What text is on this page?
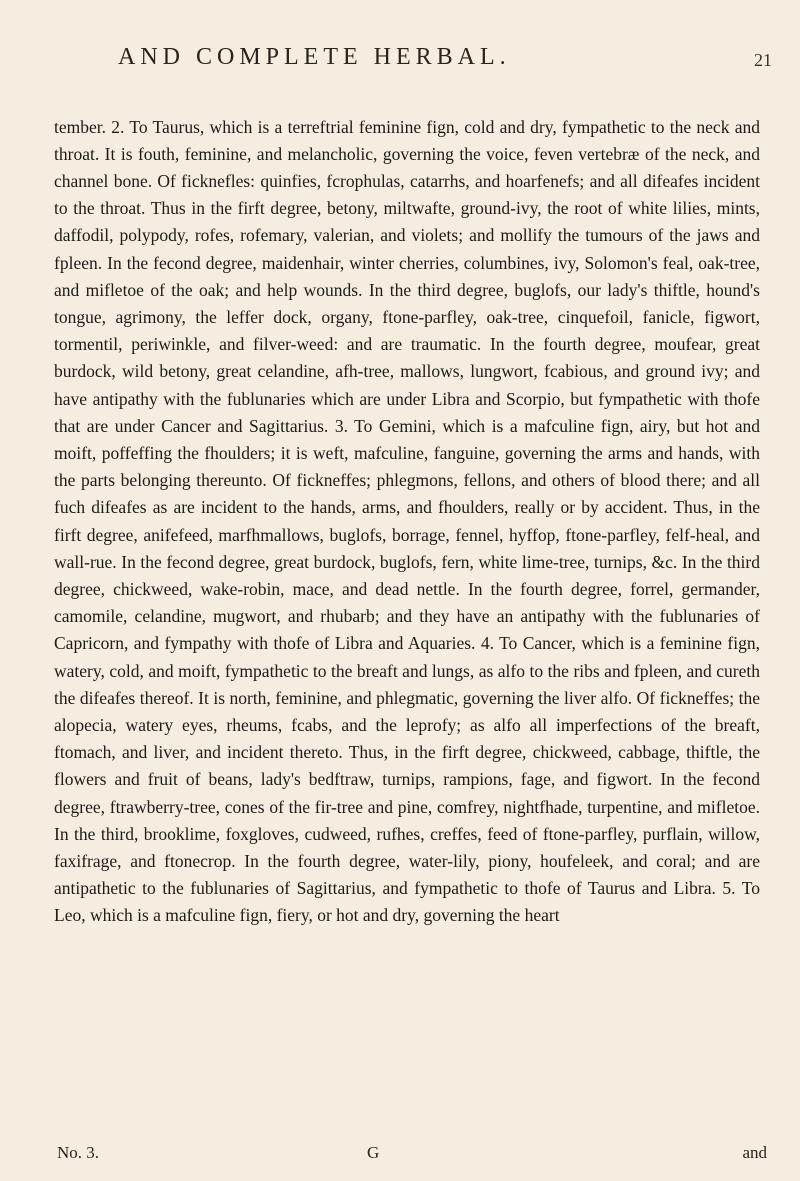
AND COMPLETE HERBAL.	21

tember. 2. To Taurus, which is a terreftrial feminine fign, cold and dry, fympathetic to the neck and throat. It is fouth, feminine, and melancholic, governing the voice, feven vertebræ of the neck, and channel bone. Of ficknefles: quinfies, fcrophulas, catarrhs, and hoarfenefs; and all difeafes incident to the throat. Thus in the firft degree, betony, miltwafte, ground-ivy, the root of white lilies, mints, daffodil, polypody, rofes, rofemary, valerian, and violets; and mollify the tumours of the jaws and fpleen. In the fecond degree, maidenhair, winter cherries, columbines, ivy, Solomon's feal, oak-tree, and mifletoe of the oak; and help wounds. In the third degree, buglofs, our lady's thiftle, hound's tongue, agrimony, the leffer dock, organy, ftone-parfley, oak-tree, cinquefoil, fanicle, figwort, tormentil, periwinkle, and filver-weed: and are traumatic. In the fourth degree, moufear, great burdock, wild betony, great celandine, afh-tree, mallows, lungwort, fcabious, and ground ivy; and have antipathy with the fublunaries which are under Libra and Scorpio, but fympathetic with thofe that are under Cancer and Sagittarius. 3. To Gemini, which is a mafculine fign, airy, but hot and moift, poffeffing the fhoulders; it is weft, mafculine, fanguine, governing the arms and hands, with the parts belonging thereunto. Of fickneffes; phlegmons, fellons, and others of blood there; and all fuch difeafes as are incident to the hands, arms, and fhoulders, really or by accident. Thus, in the firft degree, anifefeed, marfhmallows, buglofs, borrage, fennel, hyffop, ftone-parfley, felf-heal, and wall-rue. In the fecond degree, great burdock, buglofs, fern, white lime-tree, turnips, &c. In the third degree, chickweed, wake-robin, mace, and dead nettle. In the fourth degree, forrel, germander, camomile, celandine, mugwort, and rhubarb; and they have an antipathy with the fublunaries of Capricorn, and fympathy with thofe of Libra and Aquaries. 4. To Cancer, which is a feminine fign, watery, cold, and moift, fympathetic to the breaft and lungs, as alfo to the ribs and fpleen, and cureth the difeafes thereof. It is north, feminine, and phlegmatic, governing the liver alfo. Of fickneffes; the alopecia, watery eyes, rheums, fcabs, and the leprofy; as alfo all imperfections of the breaft, ftomach, and liver, and incident thereto. Thus, in the firft degree, chickweed, cabbage, thiftle, the flowers and fruit of beans, lady's bedftraw, turnips, rampions, fage, and figwort. In the fecond degree, ftrawberry-tree, cones of the fir-tree and pine, comfrey, nightfhade, turpentine, and mifletoe. In the third, brooklime, foxgloves, cudweed, rufhes, creffes, feed of ftone-parfley, purflain, willow, faxifrage, and ftonecrop. In the fourth degree, water-lily, piony, houfeleek, and coral; and are antipathetic to the fublunaries of Sagittarius, and fympathetic to thofe of Taurus and Libra. 5. To Leo, which is a mafculine fign, fiery, or hot and dry, governing the heart

No. 3.	G	and
